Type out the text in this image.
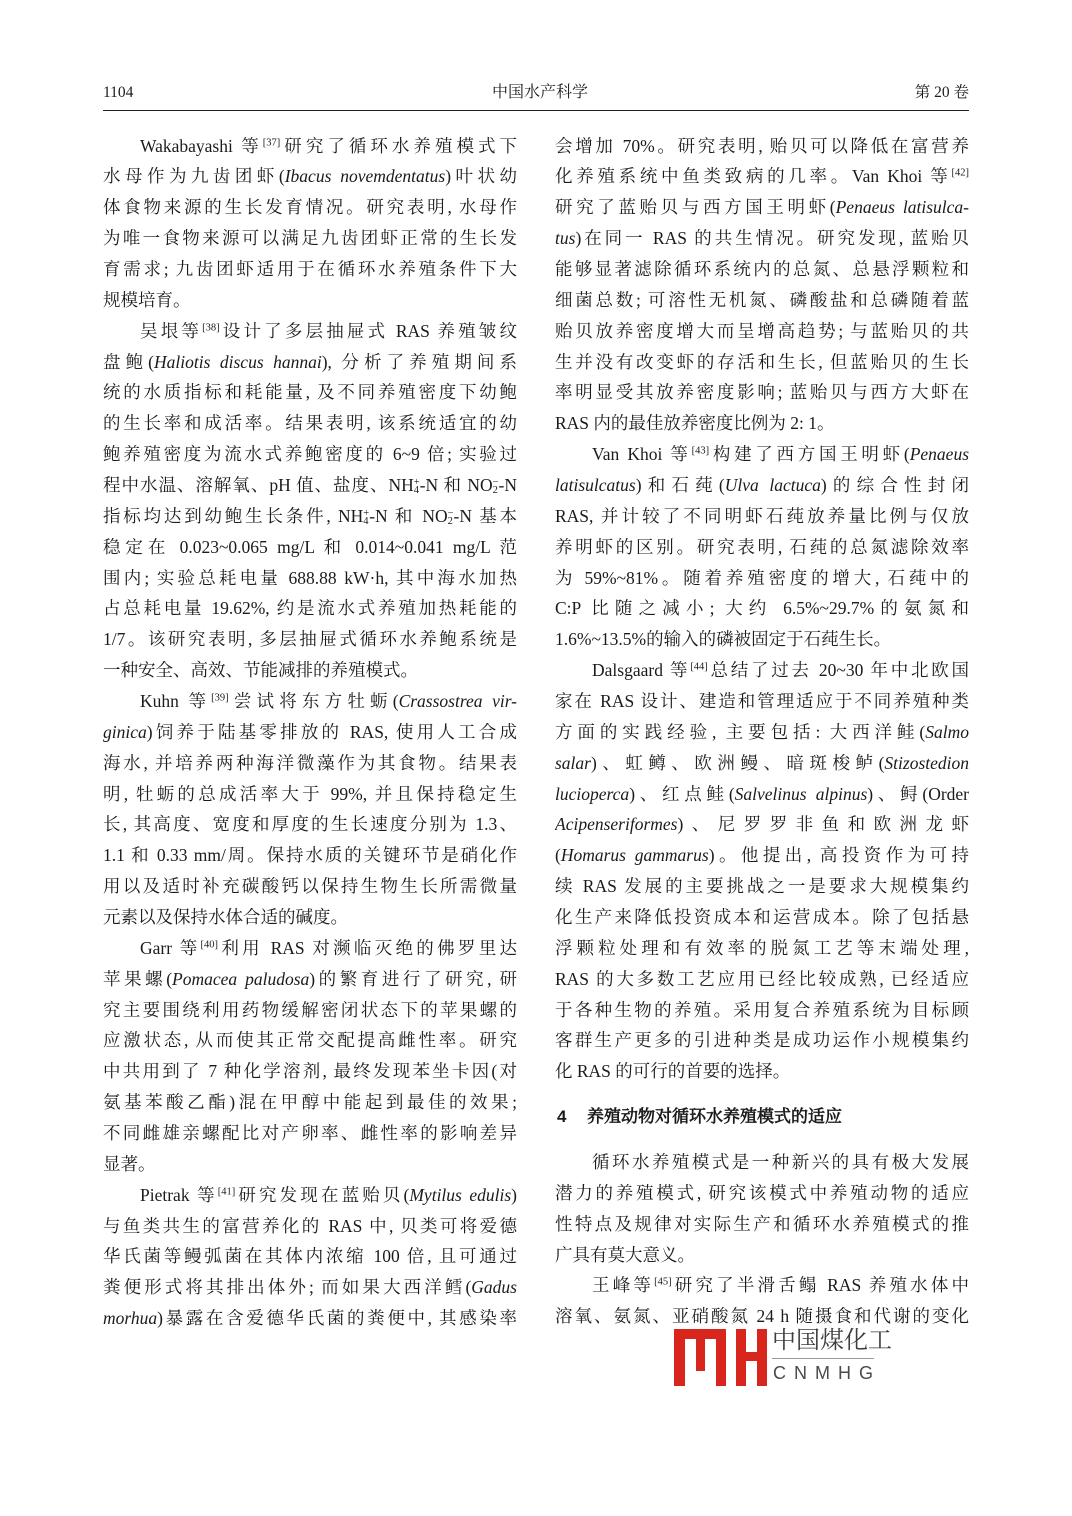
1104	中国水产科学	第 20 卷
Wakabayashi 等[37]研究了循环水养殖模式下
水母作为九齿团虾(Ibacus novemdentatus)叶状幼
体食物来源的生长发育情况。研究表明, 水母作
为唯一食物来源可以满足九齿团虾正常的生长发
育需求; 九齿团虾适用于在循环水养殖条件下大
规模培育。
吴垠等[38]设计了多层抽屉式 RAS 养殖皱纹
盘鲍(Haliotis discus hannai), 分析了养殖期间系
统的水质指标和耗能量, 及不同养殖密度下幼鲍
的生长率和成活率。结果表明, 该系统适宜的幼
鲍养殖密度为流水式养鲍密度的 6~9 倍; 实验过
程中水温、溶解氧、pH 值、盐度、$NH_4^+-N$ 和 $NO_2^--N$
指标均达到幼鲍生长条件, $NH_4^+-N$ 和 $NO_2^--N$ 基本
稳定在 0.023~0.065 mg/L 和 0.014~0.041 mg/L 范
围内; 实验总耗电量 688.88 kW·h, 其中海水加热
占总耗电量 19.62%, 约是流水式养殖加热耗能的
1/7。该研究表明, 多层抽屉式循环水养鲍系统是
一种安全、高效、节能减排的养殖模式。
Kuhn 等[39]尝试将东方牡蛎(Crassostrea vir-
ginica)饲养于陆基零排放的 RAS, 使用人工合成
海水, 并培养两种海洋微藻作为其食物。结果表
明, 牡蛎的总成活率大于 99%, 并且保持稳定生
长, 其高度、宽度和厚度的生长速度分别为 1.3、
1.1 和 0.33 mm/周。保持水质的关键环节是硝化作
用以及适时补充碳酸钙以保持生物生长所需微量
元素以及保持水体合适的碱度。
Garr 等[40]利用 RAS 对濒临灭绝的佛罗里达
苹果螺(Pomacea paludosa)的繁育进行了研究, 研
究主要围绕利用药物缓解密闭状态下的苹果螺的
应激状态, 从而使其正常交配提高雌性率。研究
中共用到了 7 种化学溶剂, 最终发现苯坐卡因(对
氨基苯酸乙酯)混在甲醇中能起到最佳的效果;
不同雌雄亲螺配比对产卵率、雌性率的影响差异
显著。
Pietrak 等[41]研究发现在蓝贻贝(Mytilus edulis)
与鱼类共生的富营养化的 RAS 中, 贝类可将爱德
华氏菌等鳗弧菌在其体内浓缩 100 倍, 且可通过
粪便形式将其排出体外; 而如果大西洋鳕(Gadus
morhua)暴露在含爱德华氏菌的粪便中, 其感染率
会增加 70%。研究表明, 贻贝可以降低在富营养
化养殖系统中鱼类致病的几率。Van Khoi 等[42]
研究了蓝贻贝与西方国王明虾(Penaeus latisulca-
tus)在同一 RAS 的共生情况。研究发现, 蓝贻贝
能够显著滤除循环系统内的总氮、总悬浮颗粒和
细菌总数; 可溶性无机氮、磷酸盐和总磷随着蓝
贻贝放养密度增大而呈增高趋势; 与蓝贻贝的共
生并没有改变虾的存活和生长, 但蓝贻贝的生长
率明显受其放养密度影响; 蓝贻贝与西方大虾在
RAS 内的最佳放养密度比例为 2: 1。
Van Khoi 等[43]构建了西方国王明虾(Penaeus
latisulcatus)和石莼(Ulva lactuca)的综合性封闭
RAS, 并计较了不同明虾石莼放养量比例与仅放
养明虾的区别。研究表明, 石莼的总氮滤除效率
为 59%~81%。随着养殖密度的增大, 石莼中的
C:P 比随之减小; 大约 6.5%~29.7%的氨氮和
1.6%~13.5%的输入的磷被固定于石莼生长。
Dalsgaard 等[44]总结了过去 20~30 年中北欧国
家在 RAS 设计、建造和管理适应于不同养殖种类
方面的实践经验, 主要包括: 大西洋鲑(Salmo
salar)、虹鳟、欧洲鳗、暗斑梭鲈(Stizostedion
lucioperca)、红点鲑(Salvelinus alpinus)、鲟(Order
Acipenseriformes)、尼罗罗非鱼和欧洲龙虾
(Homarus gammarus)。他提出, 高投资作为可持
续 RAS 发展的主要挑战之一是要求大规模集约
化生产来降低投资成本和运营成本。除了包括悬
浮颗粒处理和有效率的脱氮工艺等末端处理,
RAS 的大多数工艺应用已经比较成熟, 已经适应
于各种生物的养殖。采用复合养殖系统为目标顾
客群生产更多的引进种类是成功运作小规模集约
化 RAS 的可行的首要的选择。
4 养殖动物对循环水养殖模式的适应
循环水养殖模式是一种新兴的具有极大发展
潜力的养殖模式, 研究该模式中养殖动物的适应
性特点及规律对实际生产和循环水养殖模式的推
广具有莫大意义。
王峰等[45]研究了半滑舌鳎 RAS 养殖水体中
溶氧、氨氮、亚硝酸氮 24 h 随摄食和代谢的变化
中国煤化工
CNMHG
